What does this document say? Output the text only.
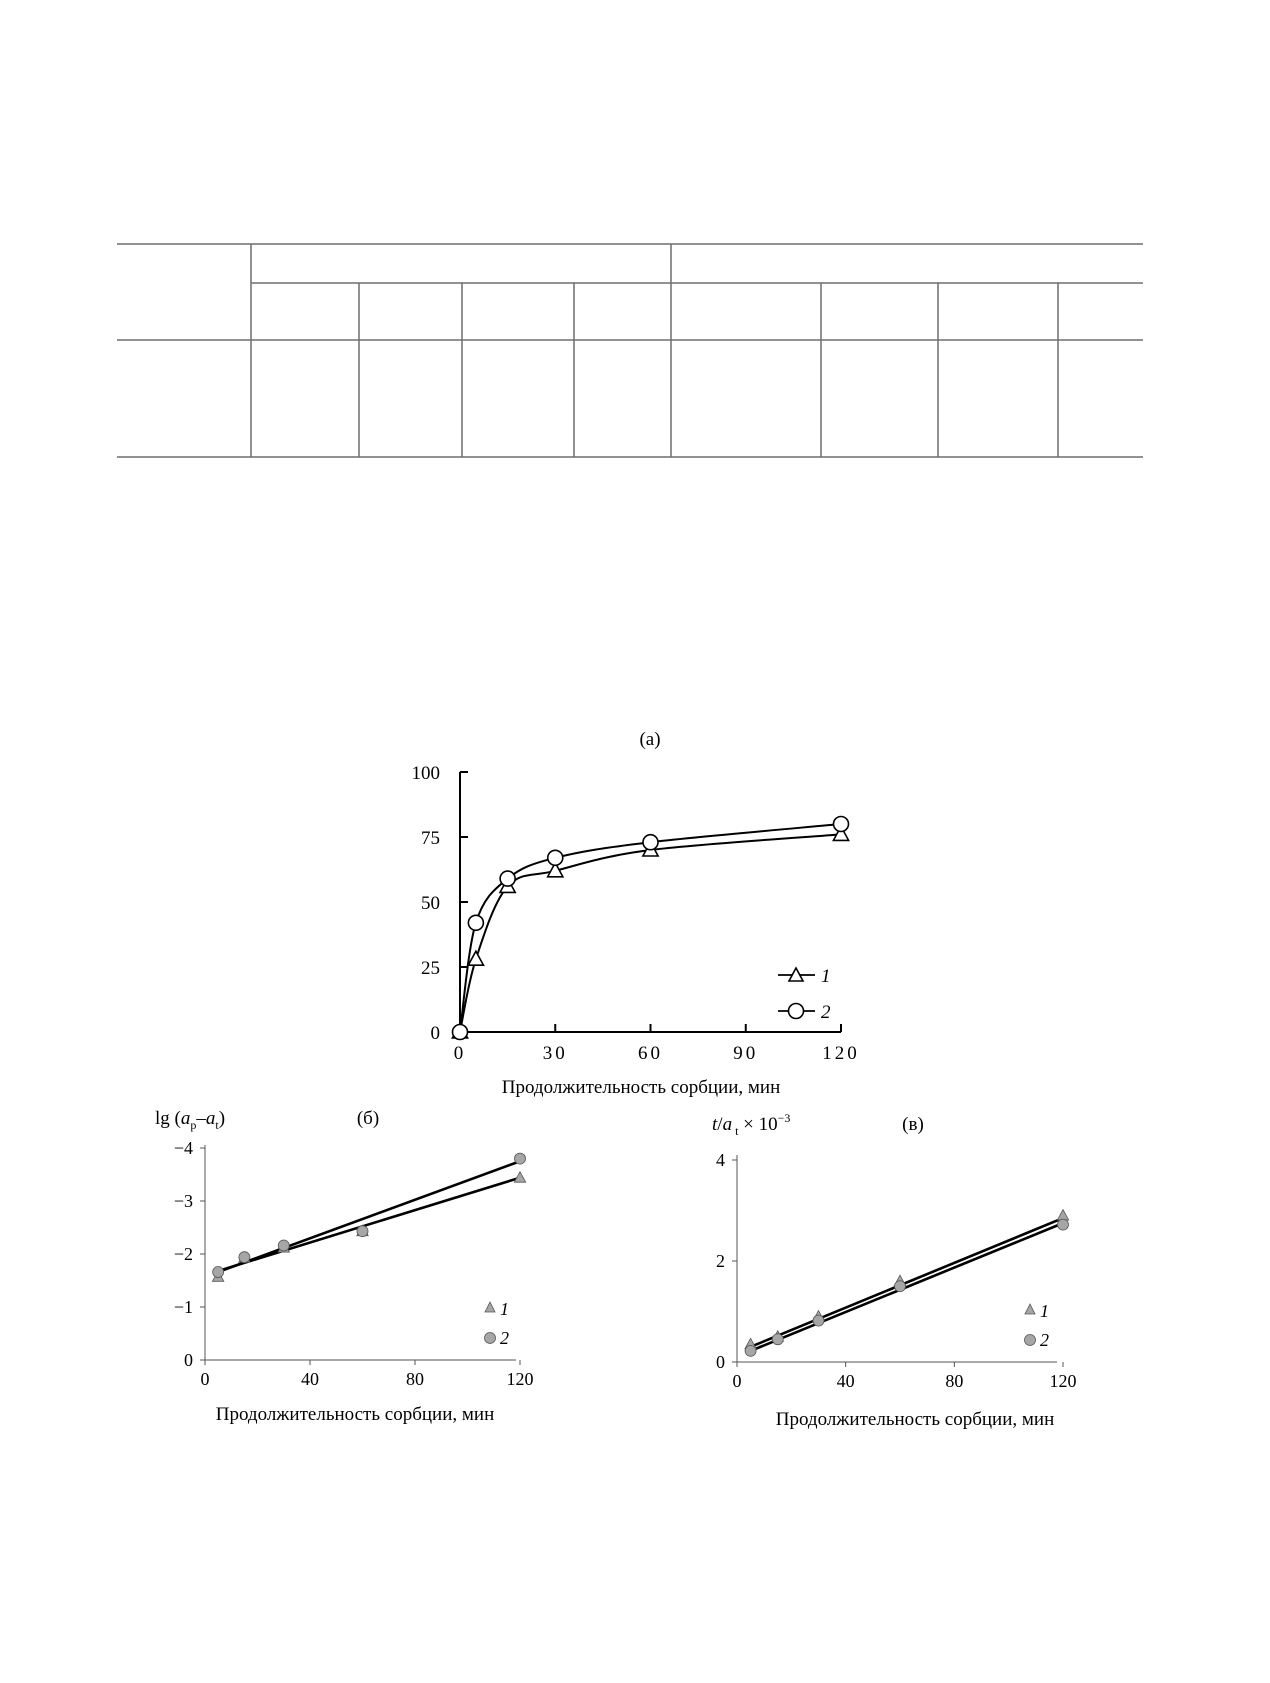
(а)
0	30	60	90	120
0
25
50
75
100
Продолжительность сорбции, мин
1
2
$\lg (a_р-a_t)$	(б)
0	40	80	120
0
−1
−2
−3
−4
Продолжительность сорбции, мин
1
2
t/a $_t \times 10^{-3}$	(в)
0	40	80	120
0
2
4
Продолжительность сорбции, мин
1
2
